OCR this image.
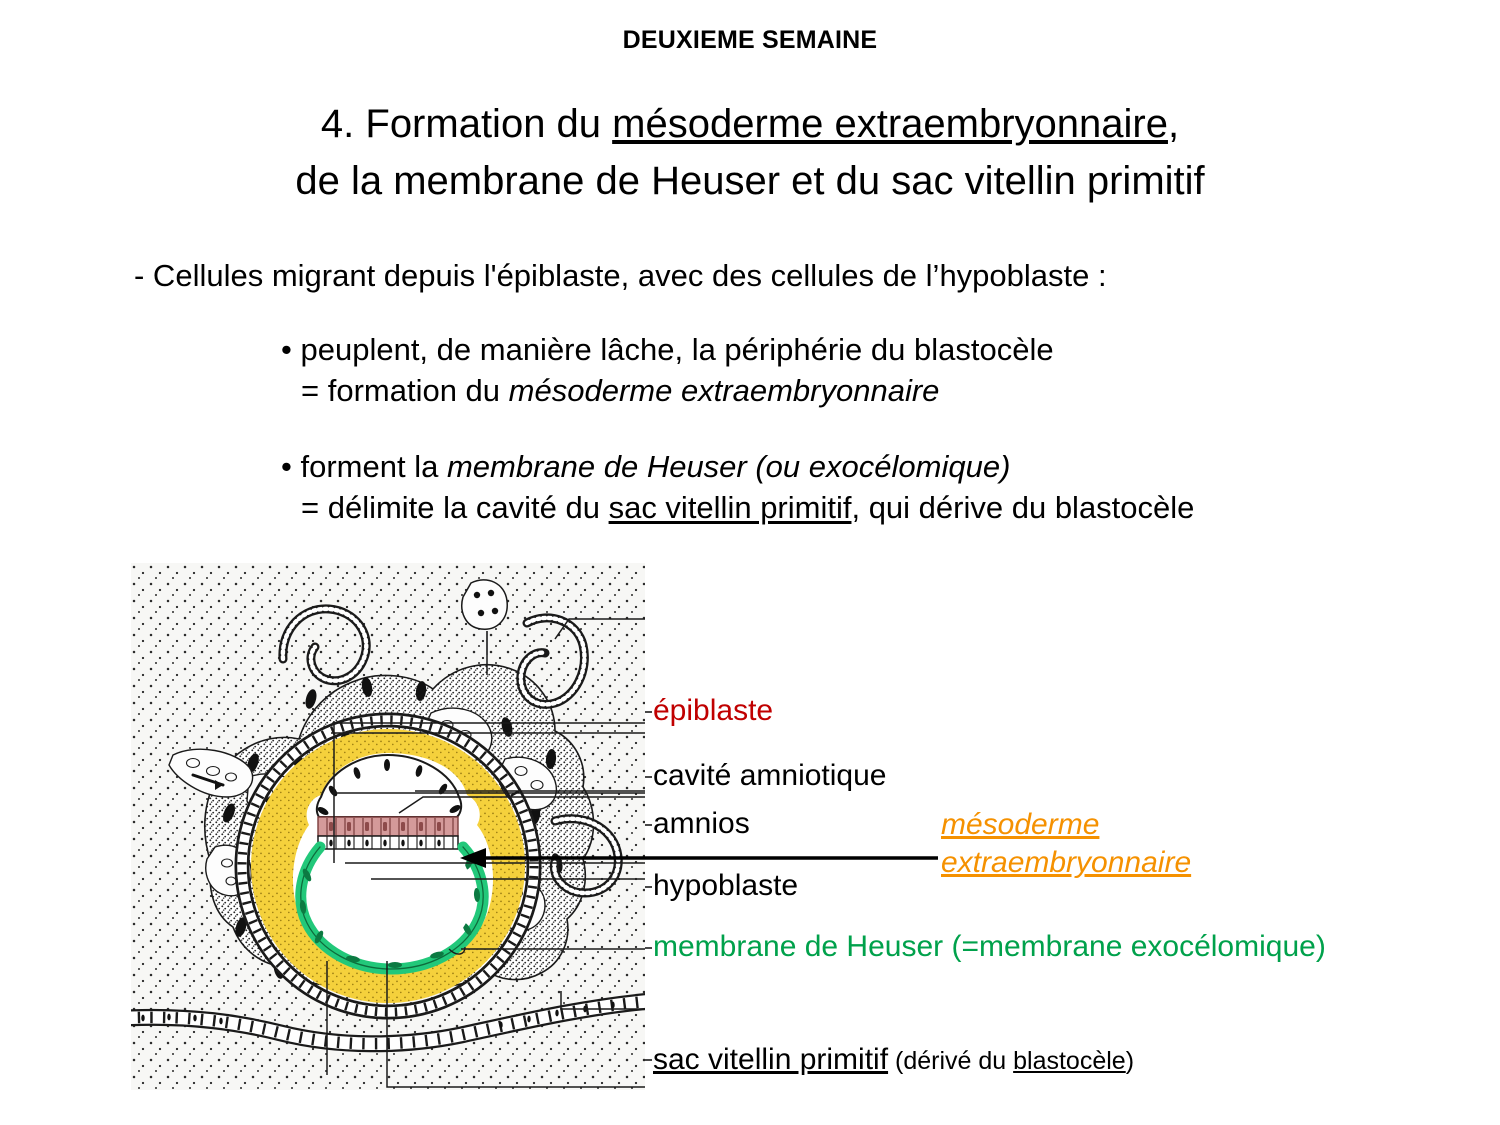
DEUXIEME SEMAINE
4. Formation du mésoderme extraembryonnaire,
de la membrane de Heuser et du sac vitellin primitif
- Cellules migrant depuis l'épiblaste, avec des cellules de l’hypoblaste :
• peuplent, de manière lâche, la périphérie du blastocèle
= formation du mésoderme extraembryonnaire
• forment la membrane de Heuser (ou exocélomique)
= délimite la cavité du sac vitellin primitif, qui dérive du blastocèle
épiblaste
cavité amniotique
amnios
hypoblaste
membrane de Heuser (=membrane exocélomique)
mésoderme
extraembryonnaire
sac vitellin primitif (dérivé du blastocèle)
